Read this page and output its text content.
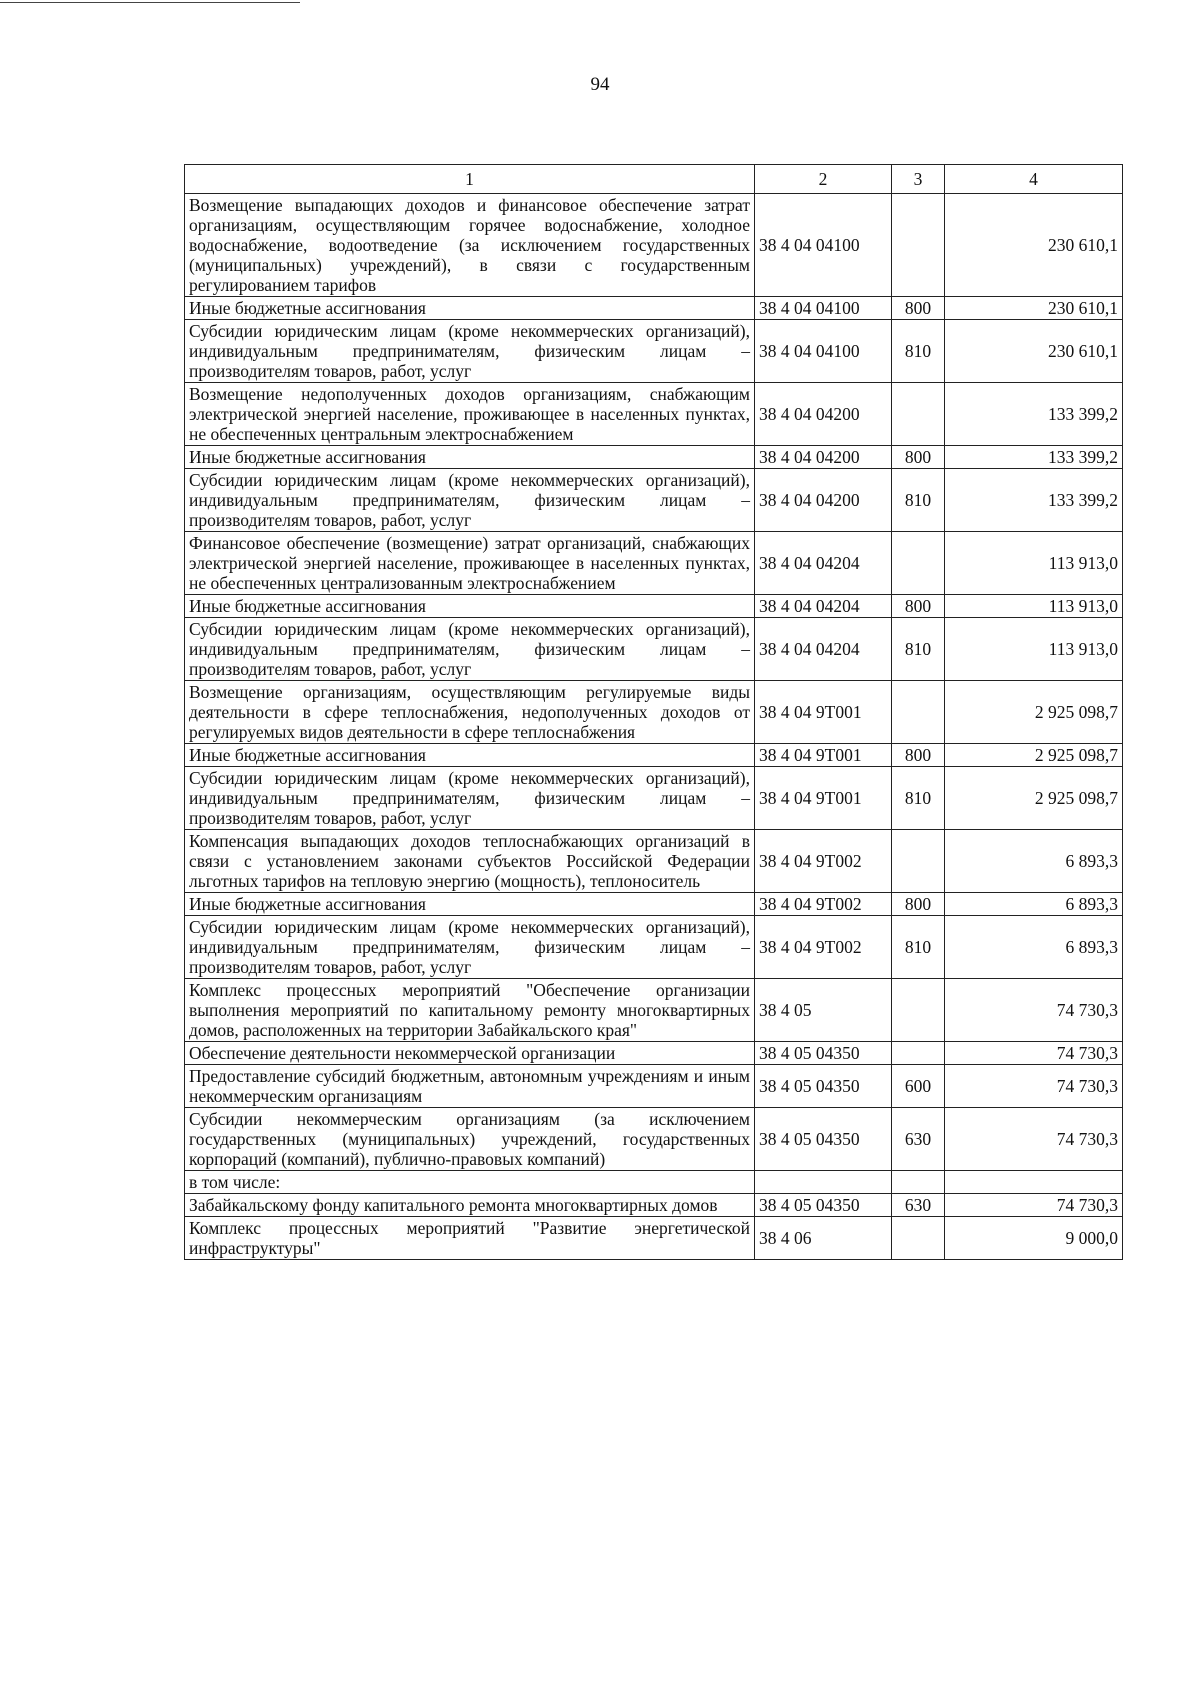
94
1	2	3	4
Возмещение выпадающих доходов и финансовое обеспечение затрат организациям, осуществляющим горячее водоснабжение, холодное водоснабжение, водоотведение (за исключением государственных (муниципальных) учреждений), в связи с государственным регулированием тарифов	38 4 04 04100		230 610,1
Иные бюджетные ассигнования	38 4 04 04100	800	230 610,1
Субсидии юридическим лицам (кроме некоммерческих организаций), индивидуальным предпринимателям, физическим лицам – производителям товаров, работ, услуг	38 4 04 04100	810	230 610,1
Возмещение недополученных доходов организациям, снабжающим электрической энергией население, проживающее в населенных пунктах, не обеспеченных центральным электроснабжением	38 4 04 04200		133 399,2
Иные бюджетные ассигнования	38 4 04 04200	800	133 399,2
Субсидии юридическим лицам (кроме некоммерческих организаций), индивидуальным предпринимателям, физическим лицам – производителям товаров, работ, услуг	38 4 04 04200	810	133 399,2
Финансовое обеспечение (возмещение) затрат организаций, снабжающих электрической энергией население, проживающее в населенных пунктах, не обеспеченных централизованным электроснабжением	38 4 04 04204		113 913,0
Иные бюджетные ассигнования	38 4 04 04204	800	113 913,0
Субсидии юридическим лицам (кроме некоммерческих организаций), индивидуальным предпринимателям, физическим лицам – производителям товаров, работ, услуг	38 4 04 04204	810	113 913,0
Возмещение организациям, осуществляющим регулируемые виды деятельности в сфере теплоснабжения, недополученных доходов от регулируемых видов деятельности в сфере теплоснабжения	38 4 04 9Т001		2 925 098,7
Иные бюджетные ассигнования	38 4 04 9Т001	800	2 925 098,7
Субсидии юридическим лицам (кроме некоммерческих организаций), индивидуальным предпринимателям, физическим лицам – производителям товаров, работ, услуг	38 4 04 9Т001	810	2 925 098,7
Компенсация выпадающих доходов теплоснабжающих организаций в связи с установлением законами субъектов Российской Федерации льготных тарифов на тепловую энергию (мощность), теплоноситель	38 4 04 9Т002		6 893,3
Иные бюджетные ассигнования	38 4 04 9Т002	800	6 893,3
Субсидии юридическим лицам (кроме некоммерческих организаций), индивидуальным предпринимателям, физическим лицам – производителям товаров, работ, услуг	38 4 04 9Т002	810	6 893,3
Комплекс процессных мероприятий "Обеспечение организации выполнения мероприятий по капитальному ремонту многоквартирных домов, расположенных на территории Забайкальского края"	38 4 05		74 730,3
Обеспечение деятельности некоммерческой организации	38 4 05 04350		74 730,3
Предоставление субсидий бюджетным, автономным учреждениям и иным некоммерческим организациям	38 4 05 04350	600	74 730,3
Субсидии некоммерческим организациям (за исключением государственных (муниципальных) учреждений, государственных корпораций (компаний), публично-правовых компаний)	38 4 05 04350	630	74 730,3
в том числе:			
Забайкальскому фонду капитального ремонта многоквартирных домов	38 4 05 04350	630	74 730,3
Комплекс процессных мероприятий "Развитие энергетической инфраструктуры"	38 4 06		9 000,0
